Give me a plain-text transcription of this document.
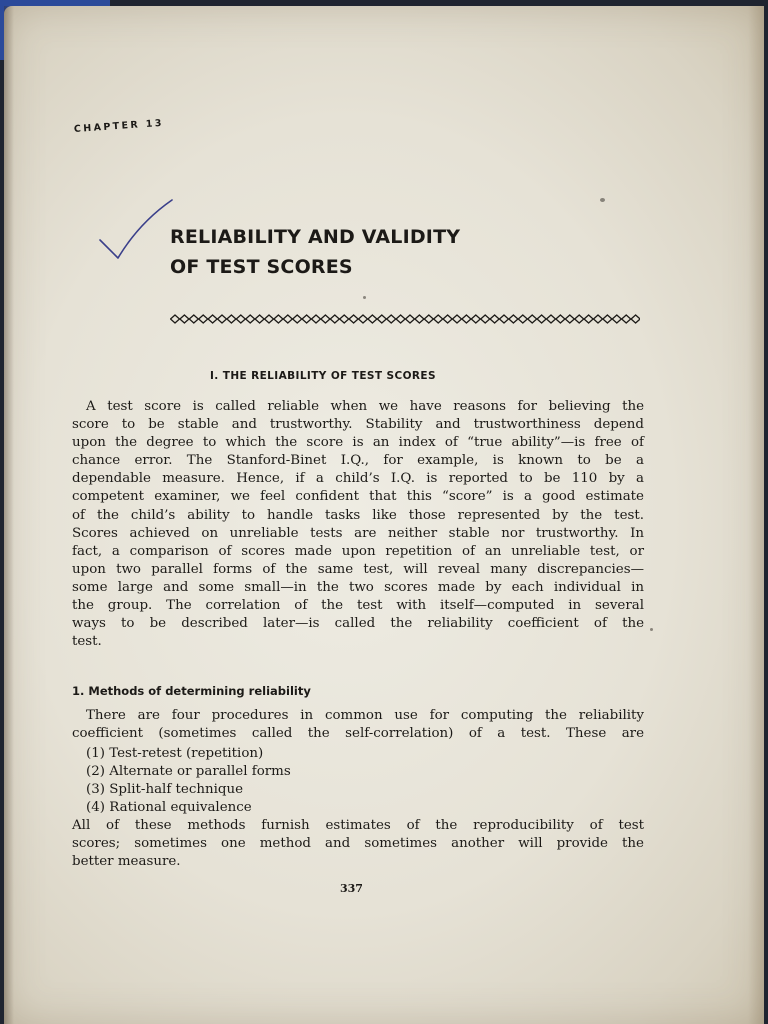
CHAPTER 13
RELIABILITY AND VALIDITY
OF TEST SCORES
I. THE RELIABILITY OF TEST SCORES
A test score is called reliable when we have reasons for believing the
score to be stable and trustworthy. Stability and trustworthiness depend
upon the degree to which the score is an index of “true ability”—is free of
chance error. The Stanford-Binet I.Q., for example, is known to be a
dependable measure. Hence, if a child’s I.Q. is reported to be 110 by a
competent examiner, we feel confident that this “score” is a good estimate
of the child’s ability to handle tasks like those represented by the test.
Scores achieved on unreliable tests are neither stable nor trustworthy. In
fact, a comparison of scores made upon repetition of an unreliable test, or
upon two parallel forms of the same test, will reveal many discrepancies—
some large and some small—in the two scores made by each individual in
the group. The correlation of the test with itself—computed in several
ways to be described later—is called the reliability coefficient of the
test.
1. Methods of determining reliability
There are four procedures in common use for computing the reliability
coefficient (sometimes called the self-correlation) of a test. These are
(1) Test-retest (repetition)
(2) Alternate or parallel forms
(3) Split-half technique
(4) Rational equivalence
All of these methods furnish estimates of the reproducibility of test
scores; sometimes one method and sometimes another will provide the
better measure.
337
